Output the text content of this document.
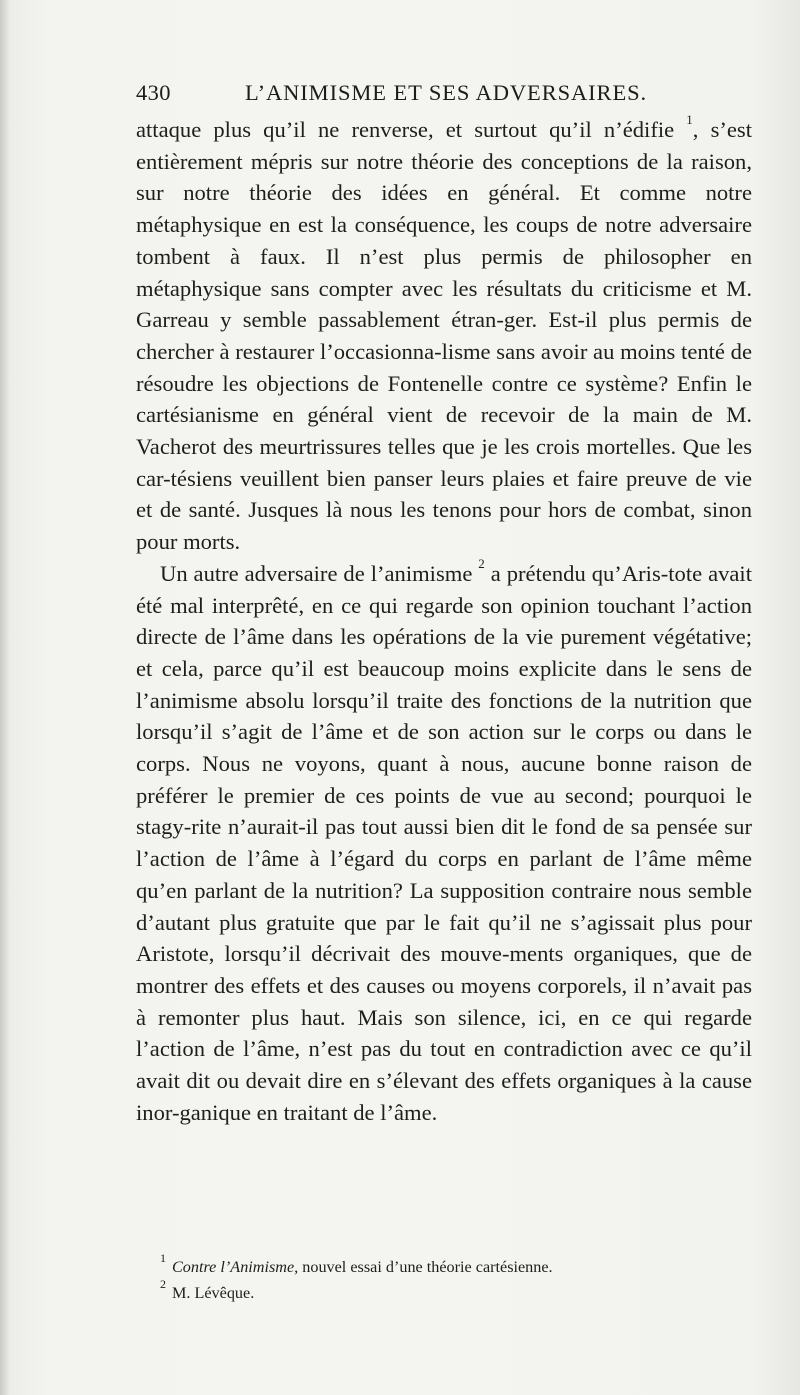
430	L’ANIMISME ET SES ADVERSAIRES.

attaque plus qu’il ne renverse, et surtout qu’il n’édifie $^1$, s’est entièrement mépris sur notre théorie des conceptions de la raison, sur notre théorie des idées en général. Et comme notre métaphysique en est la conséquence, les coups de notre adversaire tombent à faux. Il n’est plus permis de philosopher en métaphysique sans compter avec les résultats du criticisme et M. Garreau y semble passablement étran-ger. Est-il plus permis de chercher à restaurer l’occasionna-lisme sans avoir au moins tenté de résoudre les objections de Fontenelle contre ce système? Enfin le cartésianisme en général vient de recevoir de la main de M. Vacherot des meurtrissures telles que je les crois mortelles. Que les car-tésiens veuillent bien panser leurs plaies et faire preuve de vie et de santé. Jusques là nous les tenons pour hors de combat, sinon pour morts.

Un autre adversaire de l’animisme $^2$ a prétendu qu’Aris-tote avait été mal interprêté, en ce qui regarde son opinion touchant l’action directe de l’âme dans les opérations de la vie purement végétative; et cela, parce qu’il est beaucoup moins explicite dans le sens de l’animisme absolu lorsqu’il traite des fonctions de la nutrition que lorsqu’il s’agit de l’âme et de son action sur le corps ou dans le corps. Nous ne voyons, quant à nous, aucune bonne raison de préférer le premier de ces points de vue au second; pourquoi le stagy-rite n’aurait-il pas tout aussi bien dit le fond de sa pensée sur l’action de l’âme à l’égard du corps en parlant de l’âme même qu’en parlant de la nutrition? La supposition contraire nous semble d’autant plus gratuite que par le fait qu’il ne s’agissait plus pour Aristote, lorsqu’il décrivait des mouve-ments organiques, que de montrer des effets et des causes ou moyens corporels, il n’avait pas à remonter plus haut. Mais son silence, ici, en ce qui regarde l’action de l’âme, n’est pas du tout en contradiction avec ce qu’il avait dit ou devait dire en s’élevant des effets organiques à la cause inor-ganique en traitant de l’âme.

$^1$Contre l’Animisme, nouvel essai d’une théorie cartésienne.

$^2$M. Lévêque.
